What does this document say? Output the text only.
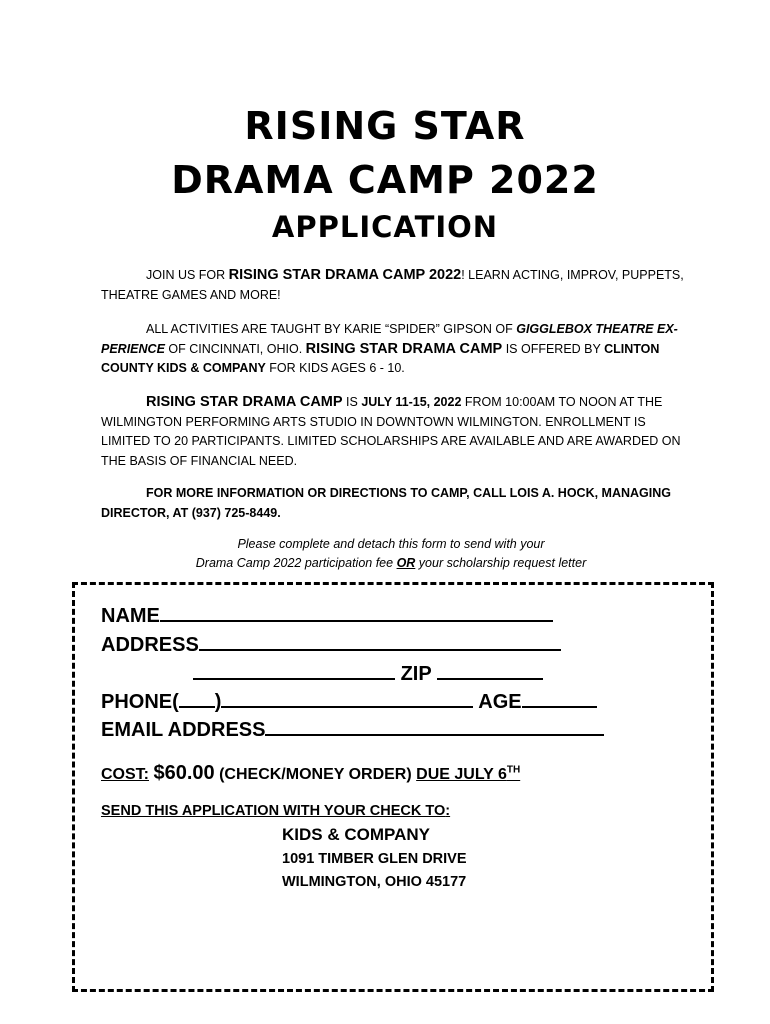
RISING STAR
DRAMA CAMP 2022
APPLICATION
JOIN US FOR RISING STAR DRAMA CAMP 2022! LEARN ACTING, IMPROV, PUPPETS, THEATRE GAMES AND MORE!
ALL ACTIVITIES ARE TAUGHT BY KARIE “SPIDER” GIPSON OF GIGGLEBOX THEATRE EX-PERIENCE OF CINCINNATI, OHIO. RISING STAR DRAMA CAMP IS OFFERED BY CLINTON COUNTY KIDS & COMPANY FOR KIDS AGES 6 - 10.
RISING STAR DRAMA CAMP IS JULY 11-15, 2022 FROM 10:00AM TO NOON AT THE WILMINGTON PERFORMING ARTS STUDIO IN DOWNTOWN WILMINGTON. ENROLLMENT IS LIMITED TO 20 PARTICIPANTS. LIMITED SCHOLARSHIPS ARE AVAILABLE AND ARE AWARDED ON THE BASIS OF FINANCIAL NEED.
FOR MORE INFORMATION OR DIRECTIONS TO CAMP, CALL LOIS A. HOCK, MANAGING DIRECTOR, AT (937) 725-8449.
Please complete and detach this form to send with your
Drama Camp 2022 participation fee OR your scholarship request letter
NAME
ADDRESS
ZIP
PHONE( )	AGE
EMAIL ADDRESS
COST: $60.00 (CHECK/MONEY ORDER) DUE JULY 6TH
SEND THIS APPLICATION WITH YOUR CHECK TO:
KIDS & COMPANY
1091 TIMBER GLEN DRIVE
WILMINGTON, OHIO 45177
